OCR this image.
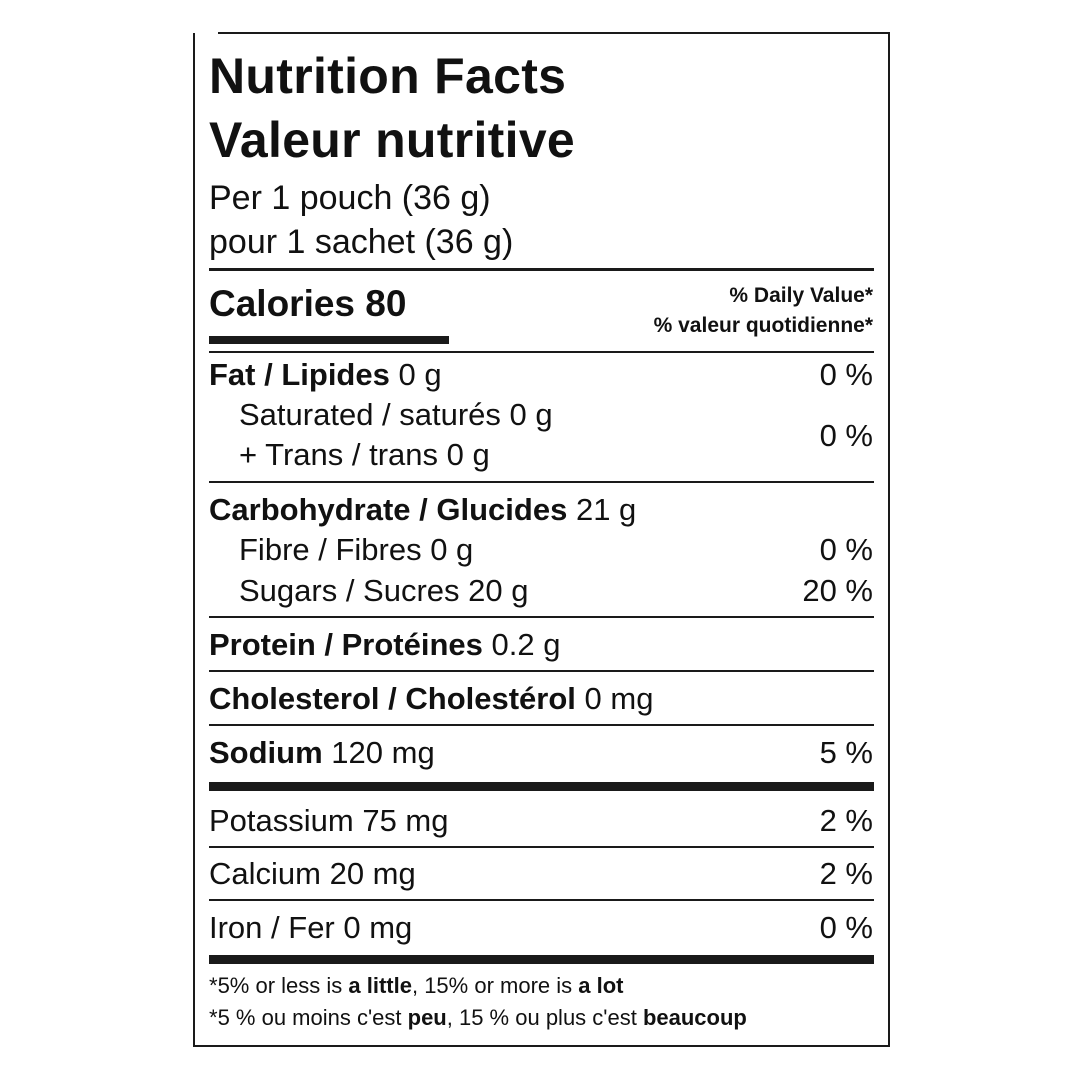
Nutrition Facts
Valeur nutritive
Per 1 pouch (36 g)
pour 1 sachet (36 g)
Calories 80	% Daily Value*
% valeur quotidienne*
Fat / Lipides 0 g	0 %
Saturated / saturés 0 g
+ Trans / trans 0 g
0 %
Carbohydrate / Glucides 21 g
Fibre / Fibres 0 g	0 %
Sugars / Sucres 20 g	20 %
Protein / Protéines 0.2 g
Cholesterol / Cholestérol 0 mg
Sodium 120 mg	5 %
Potassium 75 mg	2 %
Calcium 20 mg	2 %
Iron / Fer 0 mg	0 %
*5% or less is a little, 15% or more is a lot
*5 % ou moins c'est peu, 15 % ou plus c'est beaucoup
